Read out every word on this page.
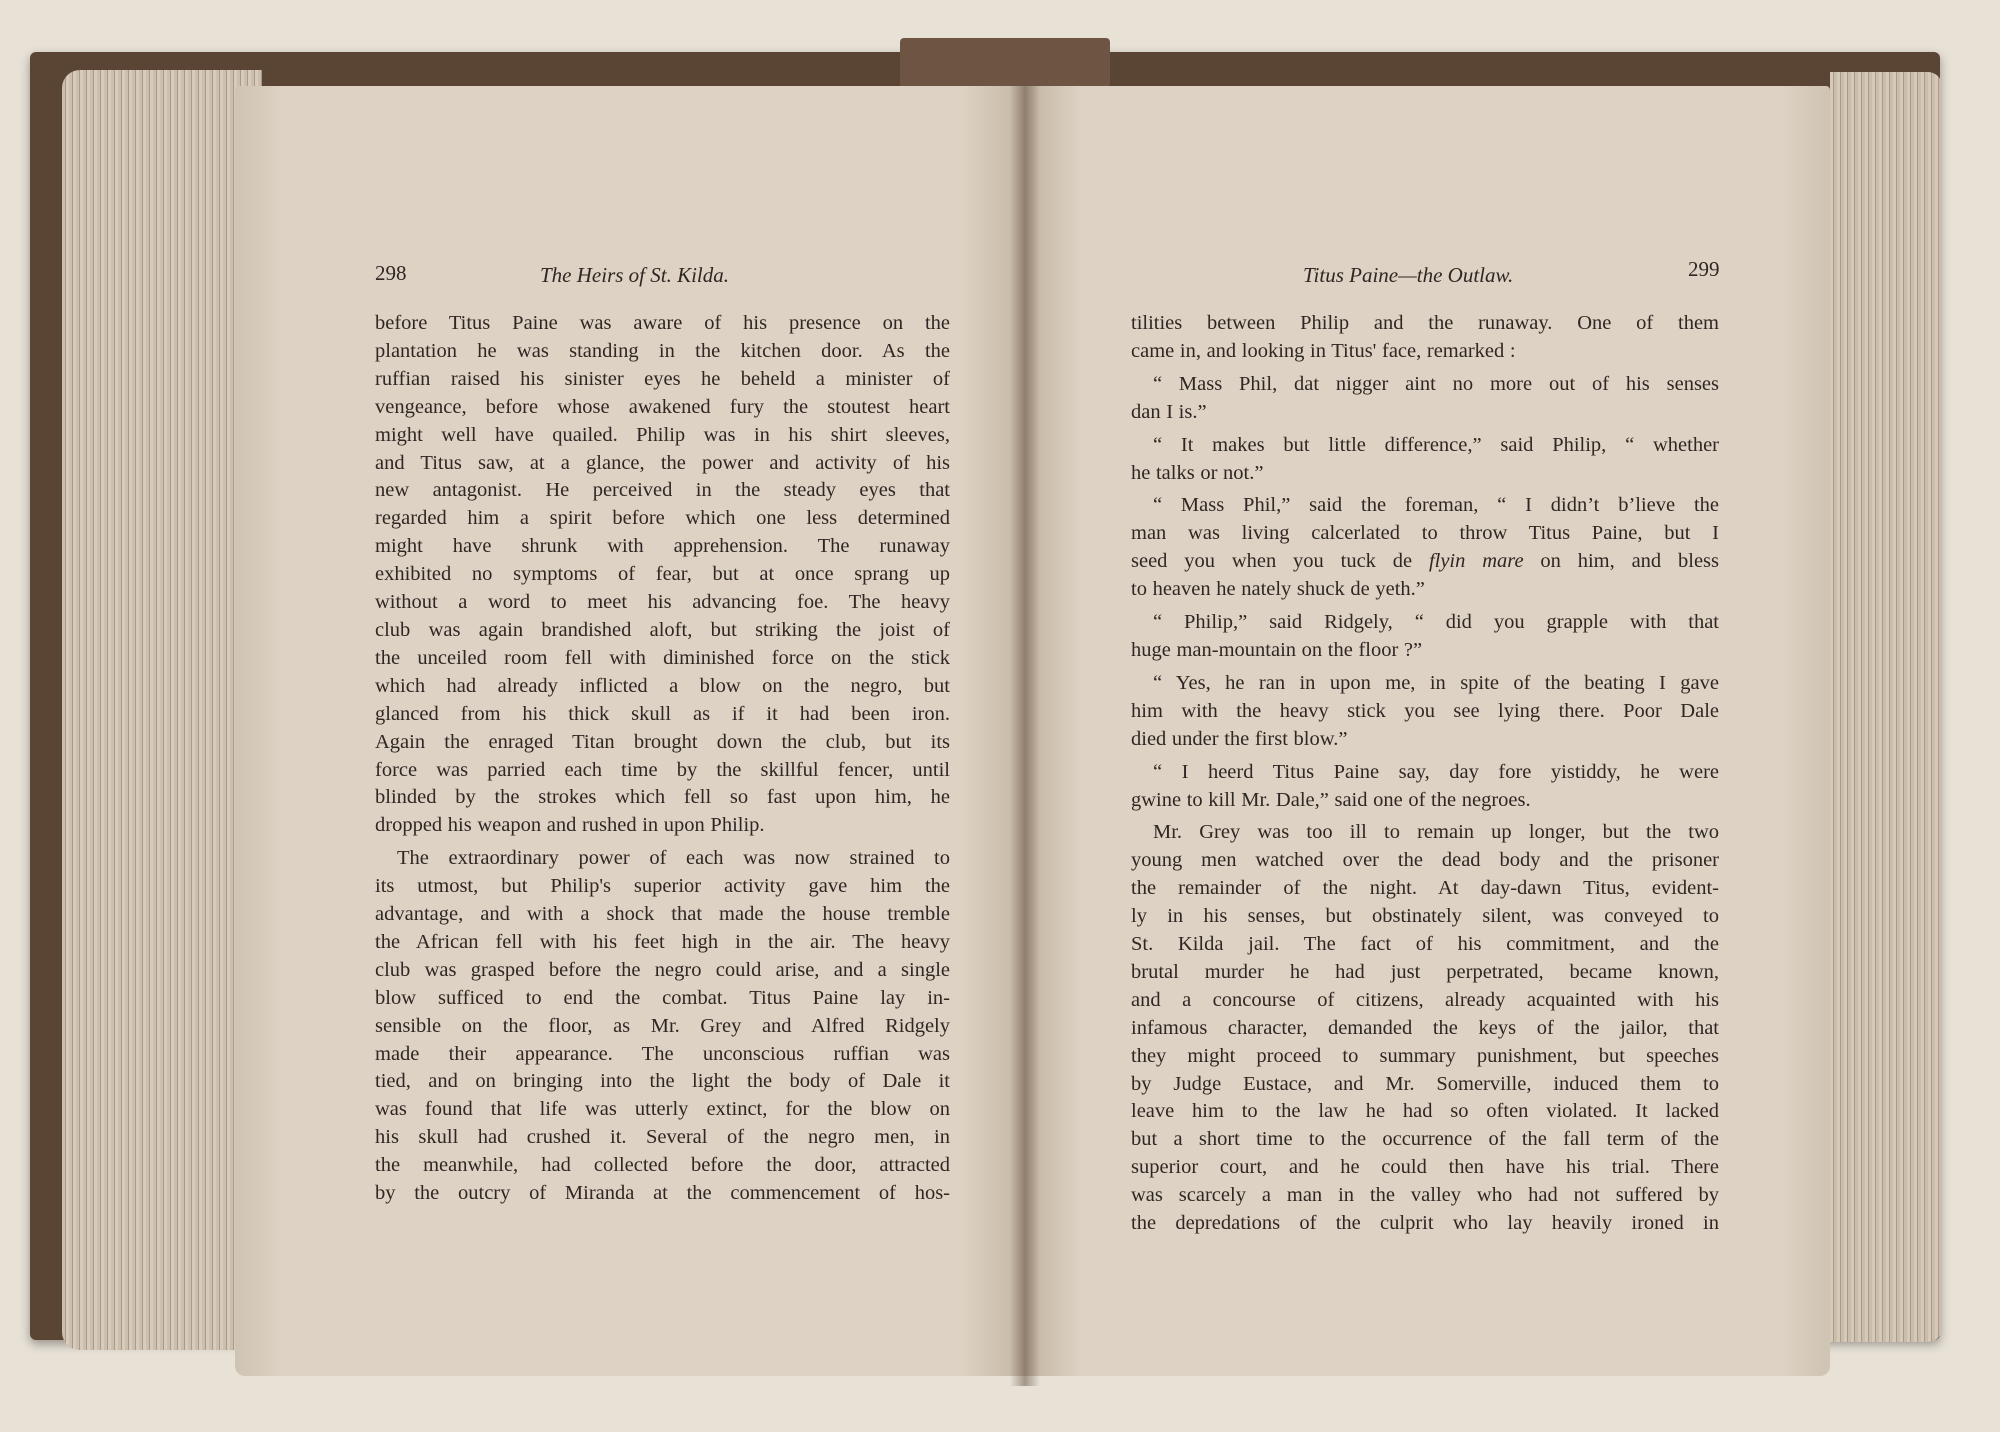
298	The Heirs of St. Kilda.
before Titus Paine was aware of his presence on the
plantation he was standing in the kitchen door. As the
ruffian raised his sinister eyes he beheld a minister of
vengeance, before whose awakened fury the stoutest heart
might well have quailed. Philip was in his shirt sleeves,
and Titus saw, at a glance, the power and activity of his
new antagonist. He perceived in the steady eyes that
regarded him a spirit before which one less determined
might have shrunk with apprehension. The runaway
exhibited no symptoms of fear, but at once sprang up
without a word to meet his advancing foe. The heavy
club was again brandished aloft, but striking the joist of
the unceiled room fell with diminished force on the stick
which had already inflicted a blow on the negro, but
glanced from his thick skull as if it had been iron.
Again the enraged Titan brought down the club, but its
force was parried each time by the skillful fencer, until
blinded by the strokes which fell so fast upon him, he
dropped his weapon and rushed in upon Philip.
The extraordinary power of each was now strained to
its utmost, but Philip's superior activity gave him the
advantage, and with a shock that made the house tremble
the African fell with his feet high in the air. The heavy
club was grasped before the negro could arise, and a single
blow sufficed to end the combat. Titus Paine lay in-
sensible on the floor, as Mr. Grey and Alfred Ridgely
made their appearance. The unconscious ruffian was
tied, and on bringing into the light the body of Dale it
was found that life was utterly extinct, for the blow on
his skull had crushed it. Several of the negro men, in
the meanwhile, had collected before the door, attracted
by the outcry of Miranda at the commencement of hos-
Titus Paine—the Outlaw.	299
tilities between Philip and the runaway. One of them
came in, and looking in Titus' face, remarked :
“ Mass Phil, dat nigger aint no more out of his senses
dan I is.”
“ It makes but little difference,” said Philip, “ whether
he talks or not.”
“ Mass Phil,” said the foreman, “ I didn’t b’lieve the
man was living calcerlated to throw Titus Paine, but I
seed you when you tuck de flyin mare on him, and bless
to heaven he nately shuck de yeth.”
“ Philip,” said Ridgely, “ did you grapple with that
huge man-mountain on the floor ?”
“ Yes, he ran in upon me, in spite of the beating I gave
him with the heavy stick you see lying there. Poor Dale
died under the first blow.”
“ I heerd Titus Paine say, day fore yistiddy, he were
gwine to kill Mr. Dale,” said one of the negroes.
Mr. Grey was too ill to remain up longer, but the two
young men watched over the dead body and the prisoner
the remainder of the night. At day-dawn Titus, evident-
ly in his senses, but obstinately silent, was conveyed to
St. Kilda jail. The fact of his commitment, and the
brutal murder he had just perpetrated, became known,
and a concourse of citizens, already acquainted with his
infamous character, demanded the keys of the jailor, that
they might proceed to summary punishment, but speeches
by Judge Eustace, and Mr. Somerville, induced them to
leave him to the law he had so often violated. It lacked
but a short time to the occurrence of the fall term of the
superior court, and he could then have his trial. There
was scarcely a man in the valley who had not suffered by
the depredations of the culprit who lay heavily ironed in
